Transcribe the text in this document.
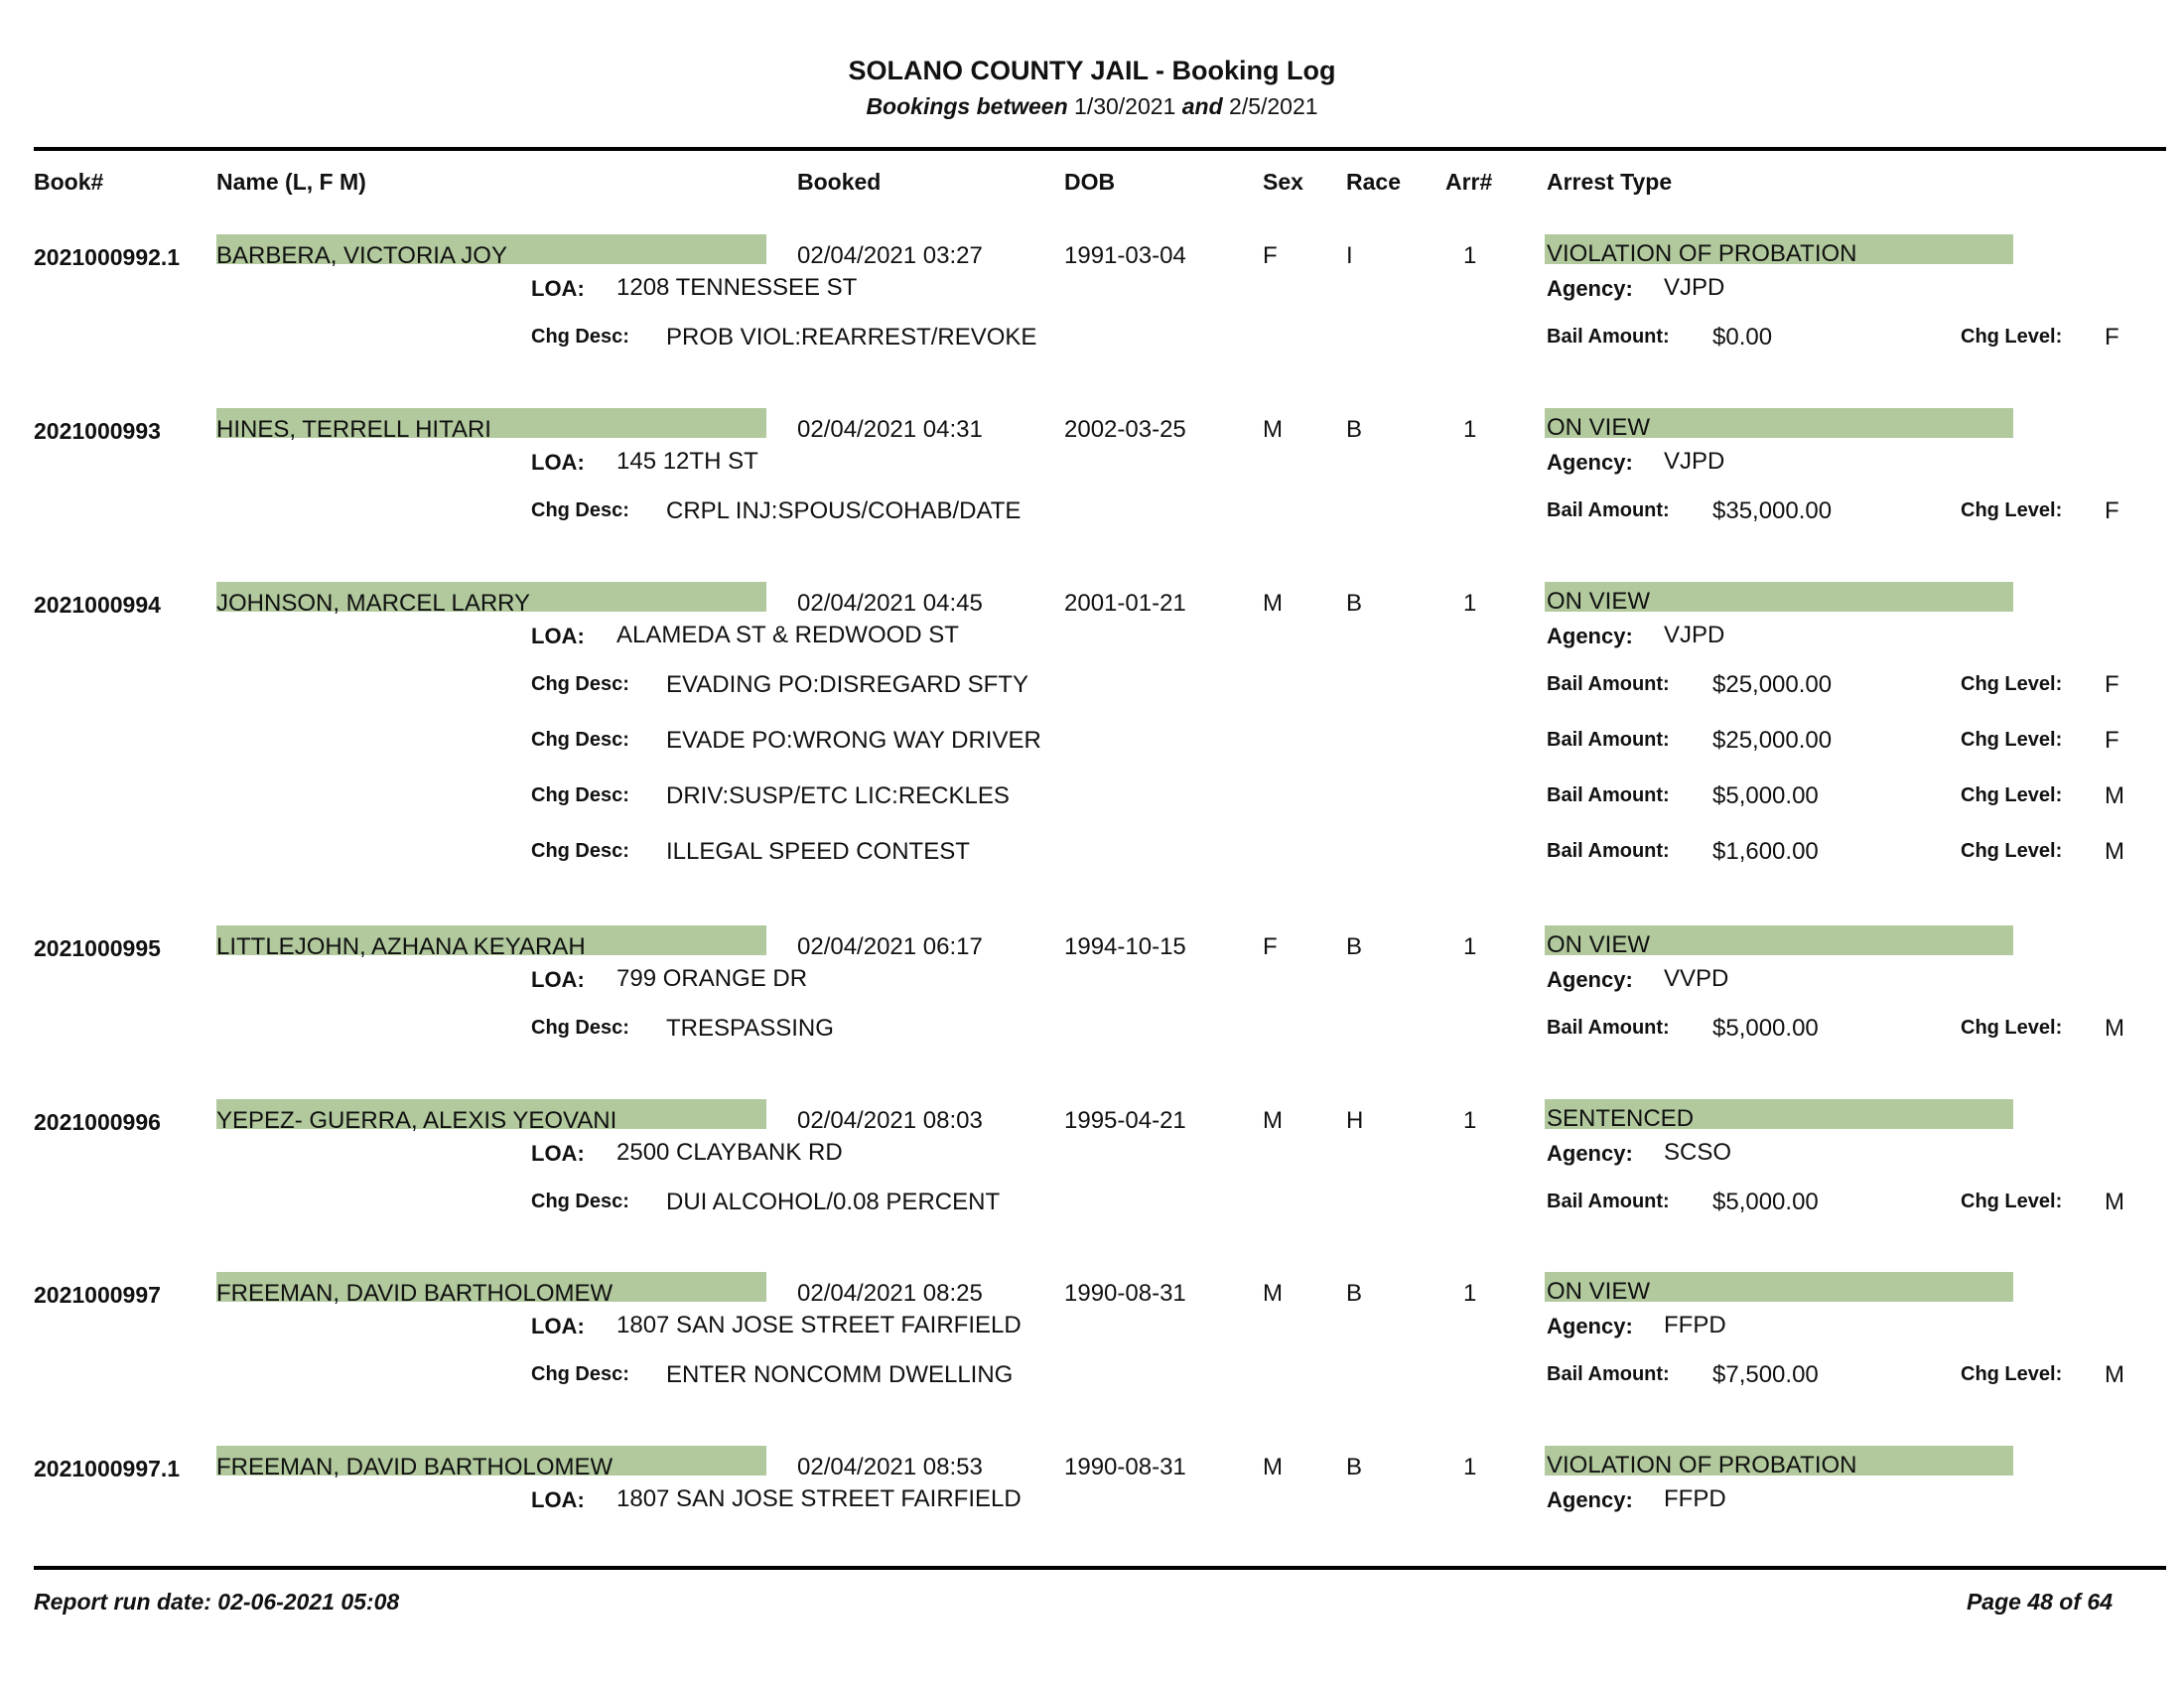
SOLANO COUNTY JAIL - Booking Log
Bookings between 1/30/2021 and 2/5/2021
Book#	Name (L, F M)	Booked	DOB	Sex Race Arr# Arrest Type
LOA:	Agency:
2021000992.1 BARBERA, VICTORIA JOY	02/04/2021 03:27	1991-03-04	F	I	1	VIOLATION OF PROBATION
1208 TENNESSEE ST	VJPD
Chg Desc: PROB VIOL:REARREST/REVOKE	Bail Amount: $0.00	Chg Level: F
LOA:	Agency:
2021000993 HINES, TERRELL HITARI	02/04/2021 04:31	2002-03-25	M	B	1	ON VIEW
145 12TH ST	VJPD
Chg Desc: CRPL INJ:SPOUS/COHAB/DATE	Bail Amount: $35,000.00	Chg Level: F
LOA:	Agency:
2021000994 JOHNSON, MARCEL LARRY	02/04/2021 04:45	2001-01-21	M	B	1	ON VIEW
ALAMEDA ST & REDWOOD ST	VJPD
Chg Desc: EVADING PO:DISREGARD SFTY	Bail Amount: $25,000.00	Chg Level: F
Chg Desc: EVADE PO:WRONG WAY DRIVER	Bail Amount: $25,000.00	Chg Level: F
Chg Desc: DRIV:SUSP/ETC LIC:RECKLES	Bail Amount: $5,000.00	Chg Level: M
Chg Desc: ILLEGAL SPEED CONTEST	Bail Amount: $1,600.00	Chg Level: M
LOA:	Agency:
2021000995 LITTLEJOHN, AZHANA KEYARAH	02/04/2021 06:17	1994-10-15	F	B	1	ON VIEW
799 ORANGE DR	VVPD
Chg Desc: TRESPASSING	Bail Amount: $5,000.00	Chg Level: M
LOA:	Agency:
2021000996 YEPEZ- GUERRA, ALEXIS YEOVANI	02/04/2021 08:03	1995-04-21	M	H	1	SENTENCED
2500 CLAYBANK RD	SCSO
Chg Desc: DUI ALCOHOL/0.08 PERCENT	Bail Amount: $5,000.00	Chg Level: M
LOA:	Agency:
2021000997 FREEMAN, DAVID BARTHOLOMEW	02/04/2021 08:25	1990-08-31	M	B	1	ON VIEW
1807 SAN JOSE STREET FAIRFIELD	FFPD
Chg Desc: ENTER NONCOMM DWELLING	Bail Amount: $7,500.00	Chg Level: M
LOA:	Agency:
2021000997.1 FREEMAN, DAVID BARTHOLOMEW	02/04/2021 08:53	1990-08-31	M	B	1	VIOLATION OF PROBATION
1807 SAN JOSE STREET FAIRFIELD	FFPD
Report run date: 02-06-2021 05:08	Page 48 of 64
